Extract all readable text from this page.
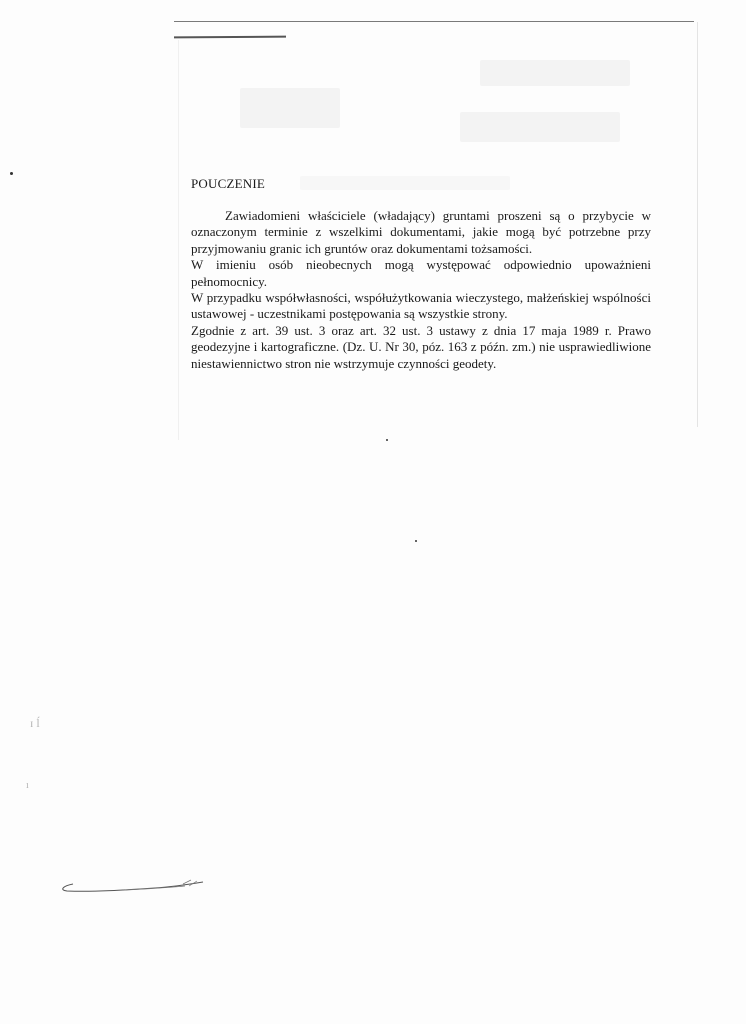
ɪ ĺ
ı

POUCZENIE

Zawiadomieni właściciele (władający) gruntami proszeni są o przybycie w oznaczonym terminie z wszelkimi dokumentami, jakie mogą być potrzebne przy przyjmowaniu granic ich gruntów oraz dokumentami tożsamości.

W imieniu osób nieobecnych mogą występować odpowiednio upoważnieni pełnomocnicy.

W przypadku współwłasności, współużytkowania wieczystego, małżeńskiej wspólności ustawowej - uczestnikami postępowania są wszystkie strony.

Zgodnie z art. 39 ust. 3 oraz art. 32 ust. 3 ustawy z dnia 17 maja 1989 r. Prawo geodezyjne i kartograficzne. (Dz. U. Nr 30, póz. 163 z późn. zm.) nie usprawiedliwione niestawiennictwo stron nie wstrzymuje czynności geodety.
